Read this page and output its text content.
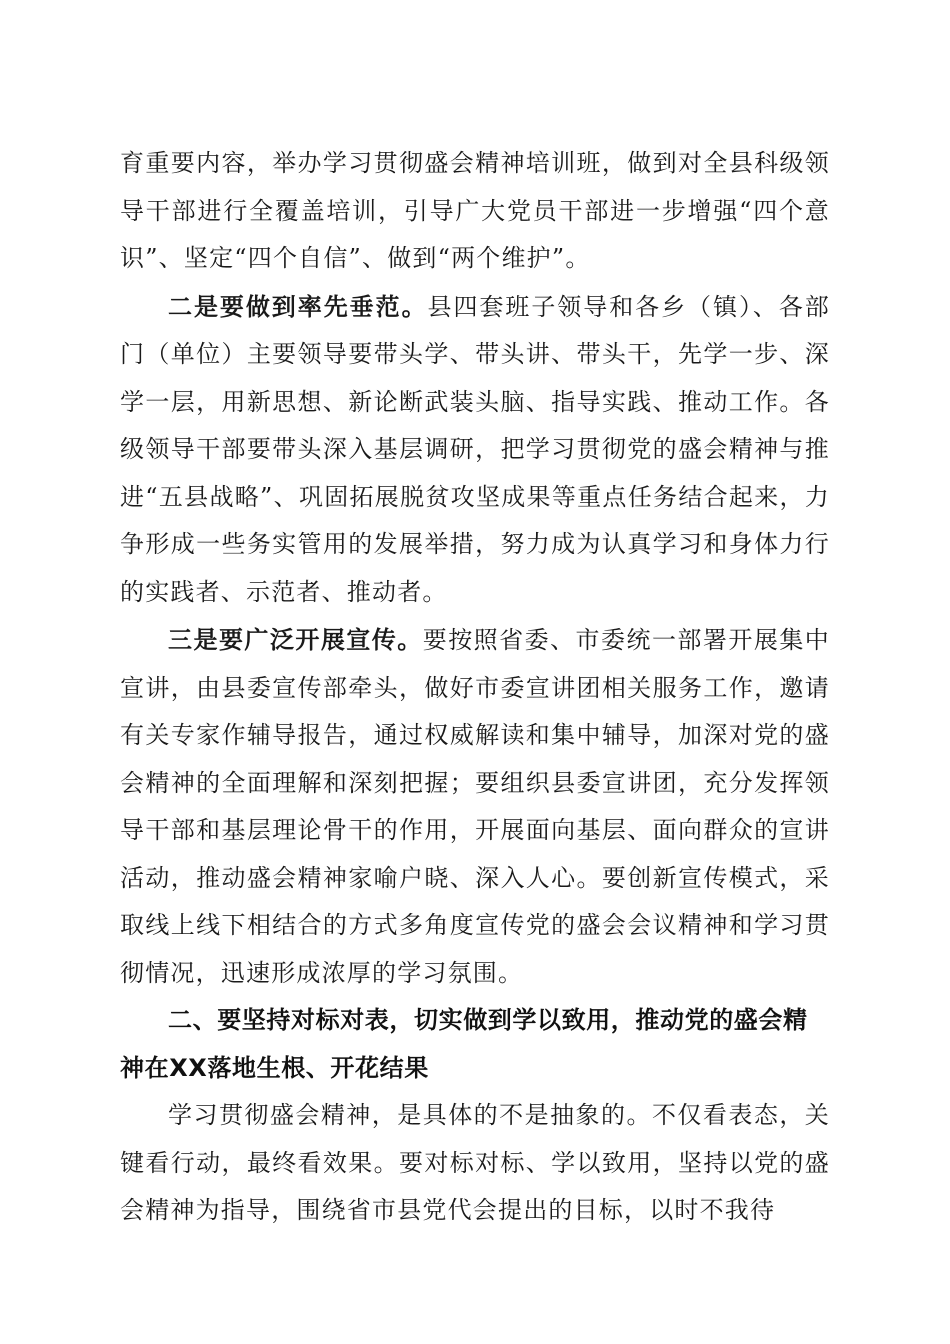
育重要内容，举办学习贯彻盛会精神培训班，做到对全县科级领导干部进行全覆盖培训，引导广大党员干部进一步增强“四个意识”、坚定“四个自信”、做到“两个维护”。

二是要做到率先垂范。县四套班子领导和各乡（镇）、各部门（单位）主要领导要带头学、带头讲、带头干，先学一步、深学一层，用新思想、新论断武装头脑、指导实践、推动工作。各级领导干部要带头深入基层调研，把学习贯彻党的盛会精神与推进“五县战略”、巩固拓展脱贫攻坚成果等重点任务结合起来，力争形成一些务实管用的发展举措，努力成为认真学习和身体力行的实践者、示范者、推动者。

三是要广泛开展宣传。要按照省委、市委统一部署开展集中宣讲，由县委宣传部牵头，做好市委宣讲团相关服务工作，邀请有关专家作辅导报告，通过权威解读和集中辅导，加深对党的盛会精神的全面理解和深刻把握；要组织县委宣讲团，充分发挥领导干部和基层理论骨干的作用，开展面向基层、面向群众的宣讲活动，推动盛会精神家喻户晓、深入人心。要创新宣传模式，采取线上线下相结合的方式多角度宣传党的盛会会议精神和学习贯彻情况，迅速形成浓厚的学习氛围。

二、要坚持对标对表，切实做到学以致用，推动党的盛会精神在XX落地生根、开花结果

学习贯彻盛会精神，是具体的不是抽象的。不仅看表态，关键看行动，最终看效果。要对标对标、学以致用，坚持以党的盛会精神为指导，围绕省市县党代会提出的目标，以时不我待
